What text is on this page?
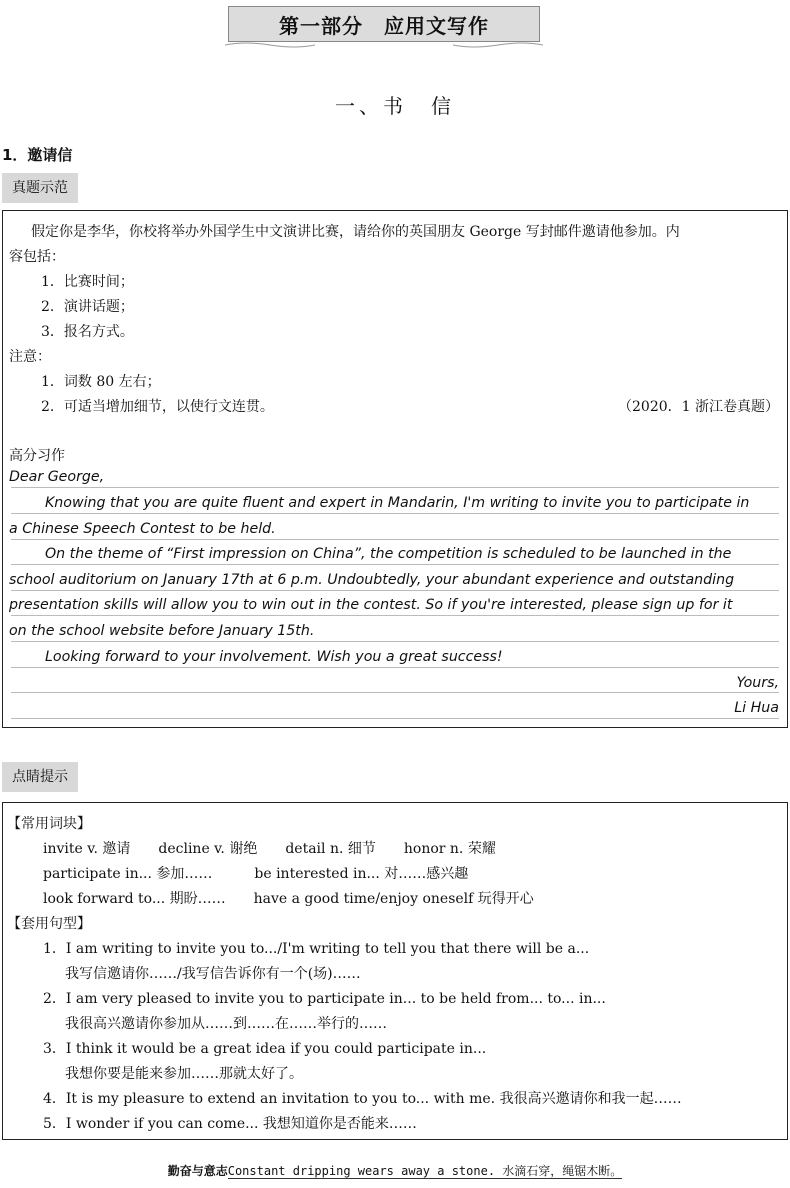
第一部分　应用文写作
一、书　信
1．邀请信
真题示范
假定你是李华，你校将举办外国学生中文演讲比赛，请给你的英国朋友 George 写封邮件邀请他参加。内
容包括：
1．比赛时间；
2．演讲话题；
3．报名方式。
注意：
1．词数 80 左右；
2．可适当增加细节，以使行文连贯。	（2020．1 浙江卷真题）
高分习作
Dear George,
Knowing that you are quite fluent and expert in Mandarin, I'm writing to invite you to participate in
a Chinese Speech Contest to be held.
On the theme of “First impression on China”, the competition is scheduled to be launched in the
school auditorium on January 17th at 6 p.m. Undoubtedly, your abundant experience and outstanding
presentation skills will allow you to win out in the contest. So if you're interested, please sign up for it
on the school website before January 15th.
Looking forward to your involvement. Wish you a great success!
Yours,
Li Hua
点睛提示
【常用词块】
invite v. 邀请　　decline v. 谢绝　　detail n. 细节　　honor n. 荣耀
participate in... 参加……　　　be interested in... 对……感兴趣
look forward to... 期盼……　　have a good time/enjoy oneself 玩得开心
【套用句型】
1．I am writing to invite you to.../I'm writing to tell you that there will be a...
我写信邀请你……/我写信告诉你有一个(场)……
2．I am very pleased to invite you to participate in... to be held from... to... in...
我很高兴邀请你参加从……到……在……举行的……
3．I think it would be a great idea if you could participate in...
我想你要是能来参加……那就太好了。
4．It is my pleasure to extend an invitation to you to... with me. 我很高兴邀请你和我一起……
5．I wonder if you can come... 我想知道你是否能来……
勤奋与意志Constant dripping wears away a stone. 水滴石穿，绳锯木断。
